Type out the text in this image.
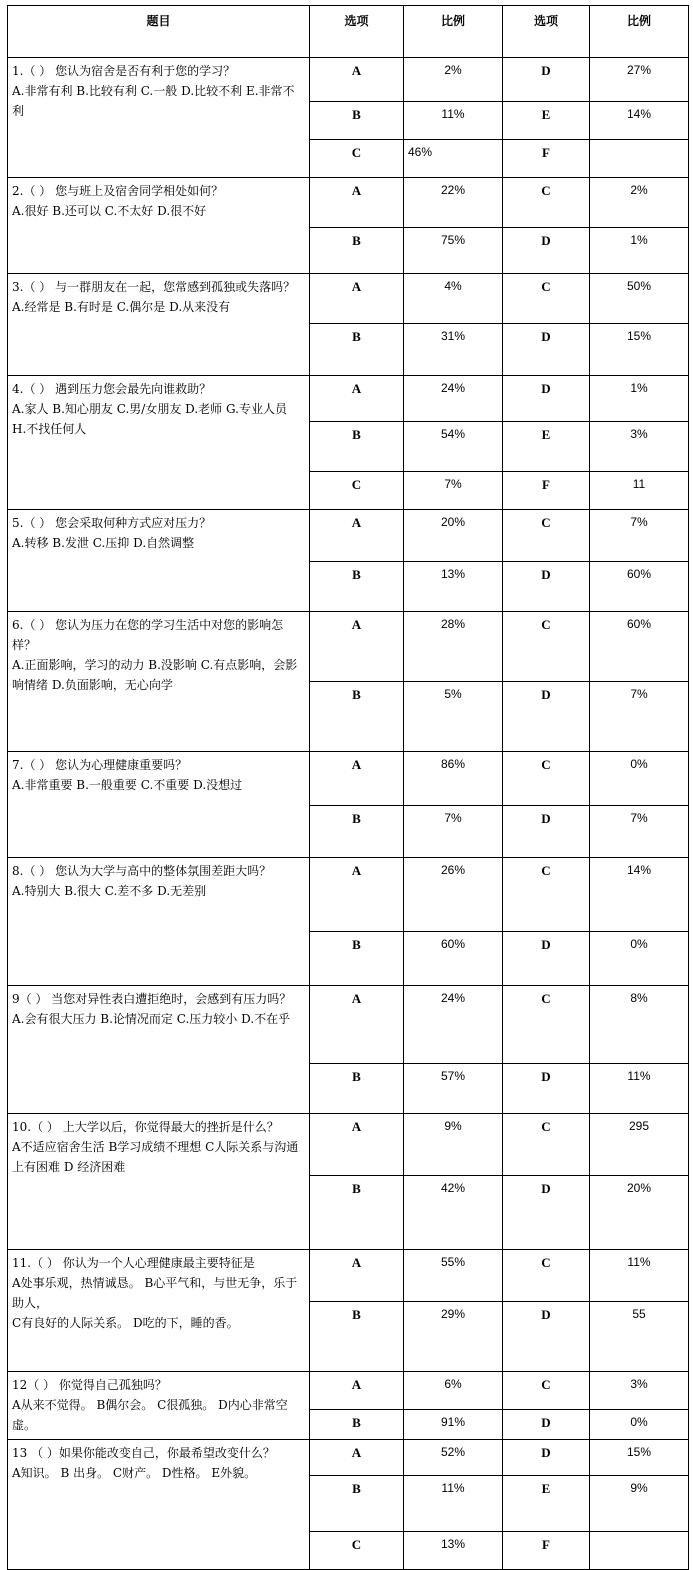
题目	选项	比例	选项	比例
1.（ ） 您认为宿舍是否有利于您的学习？
A.非常有利 B.比较有利 C.一般 D.比较不利 E.非常不利	A	2%	D	27%
	B	11%	E	14%
	C	46%	F	
2.（ ） 您与班上及宿舍同学相处如何？
A.很好 B.还可以 C.不太好 D.很不好	A	22%	C	2%
	B	75%	D	1%
3.（ ） 与一群朋友在一起，您常感到孤独或失落吗？
A.经常是 B.有时是 C.偶尔是 D.从来没有	A	4%	C	50%
	B	31%	D	15%
4.（ ） 遇到压力您会最先向谁救助？
A.家人 B.知心朋友 C.男/女朋友 D.老师 G.专业人员 H.不找任何人	A	24%	D	1%
	B	54%	E	3%
	C	7%	F	11
5.（ ） 您会采取何种方式应对压力？
A.转移 B.发泄 C.压抑 D.自然调整	A	20%	C	7%
	B	13%	D	60%
6.（ ） 您认为压力在您的学习生活中对您的影响怎样？
A.正面影响，学习的动力 B.没影响 C.有点影响，会影响情绪 D.负面影响，无心向学	A	28%	C	60%
	B	5%	D	7%
7.（ ） 您认为心理健康重要吗？
A.非常重要 B.一般重要 C.不重要 D.没想过	A	86%	C	0%
	B	7%	D	7%
8.（ ） 您认为大学与高中的整体氛围差距大吗？
A.特别大 B.很大 C.差不多 D.无差别	A	26%	C	14%
	B	60%	D	0%
9（ ） 当您对异性表白遭拒绝时，会感到有压力吗？
A.会有很大压力 B.论情况而定 C.压力较小 D.不在乎	A	24%	C	8%
	B	57%	D	11%
10.（ ） 上大学以后，你觉得最大的挫折是什么？
A不适应宿舍生活 B学习成绩不理想 C人际关系与沟通上有困难 D 经济困难	A	9%	C	295
	B	42%	D	20%
11.（ ） 你认为一个人心理健康最主要特征是
A处事乐观，热情诚恳。 B心平气和，与世无争，乐于助人，
C有良好的人际关系。 D吃的下，睡的香。	A	55%	C	11%
	B	29%	D	55
12（ ） 你觉得自己孤独吗？
A从来不觉得。 B偶尔会。 C很孤独。 D内心非常空虚。	A	6%	C	3%
	B	91%	D	0%
13 （ ）如果你能改变自己，你最希望改变什么？
A知识。 B 出身。 C财产。 D性格。 E外貌。	A	52%	D	15%
	B	11%	E	9%
	C	13%	F	
